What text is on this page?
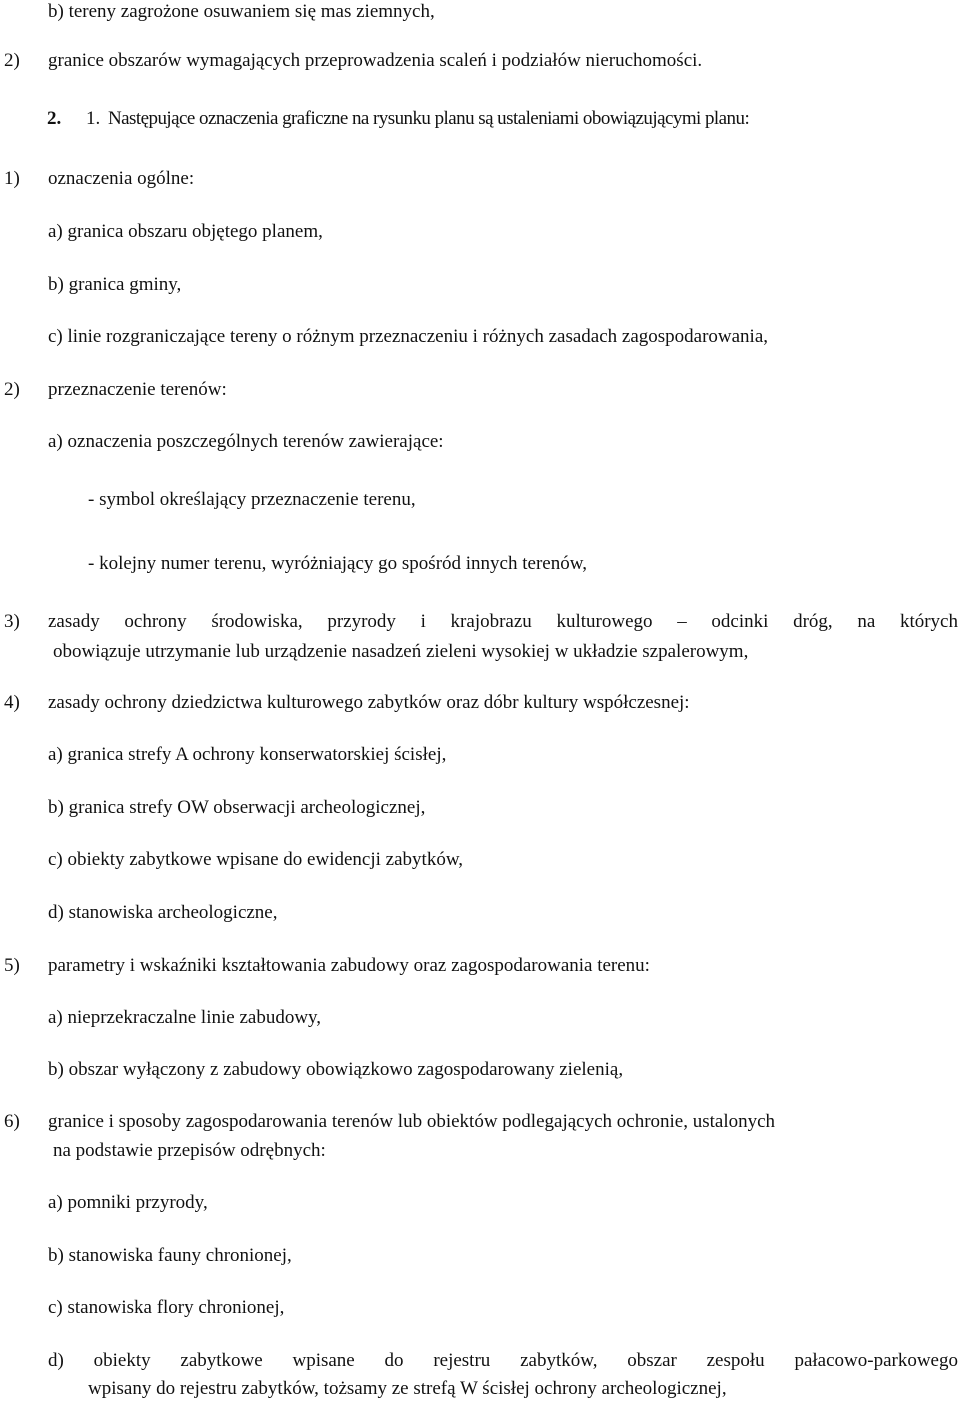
b) tereny zagrożone osuwaniem się mas ziemnych,
2) granice obszarów wymagających przeprowadzenia scaleń i podziałów nieruchomości.
2. 1. Następujące oznaczenia graficzne na rysunku planu są ustaleniami obowiązującymi planu:
1) oznaczenia ogólne:
a) granica obszaru objętego planem,
b) granica gminy,
c) linie rozgraniczające tereny o różnym przeznaczeniu i różnych zasadach zagospodarowania,
2) przeznaczenie terenów:
a) oznaczenia poszczególnych terenów zawierające:
- symbol określający przeznaczenie terenu,
- kolejny numer terenu, wyróżniający go spośród innych terenów,
3) zasady ochrony środowiska, przyrody i krajobrazu kulturowego – odcinki dróg, na których
obowiązuje utrzymanie lub urządzenie nasadzeń zieleni wysokiej w układzie szpalerowym,
4) zasady ochrony dziedzictwa kulturowego zabytków oraz dóbr kultury współczesnej:
a) granica strefy A ochrony konserwatorskiej ścisłej,
b) granica strefy OW obserwacji archeologicznej,
c) obiekty zabytkowe wpisane do ewidencji zabytków,
d) stanowiska archeologiczne,
5) parametry i wskaźniki kształtowania zabudowy oraz zagospodarowania terenu:
a) nieprzekraczalne linie zabudowy,
b) obszar wyłączony z zabudowy obowiązkowo zagospodarowany zielenią,
6) granice i sposoby zagospodarowania terenów lub obiektów podlegających ochronie, ustalonych
na podstawie przepisów odrębnych:
a) pomniki przyrody,
b) stanowiska fauny chronionej,
c) stanowiska flory chronionej,
d) obiekty zabytkowe wpisane do rejestru zabytków, obszar zespołu pałacowo-parkowego
wpisany do rejestru zabytków, tożsamy ze strefą W ścisłej ochrony archeologicznej,
